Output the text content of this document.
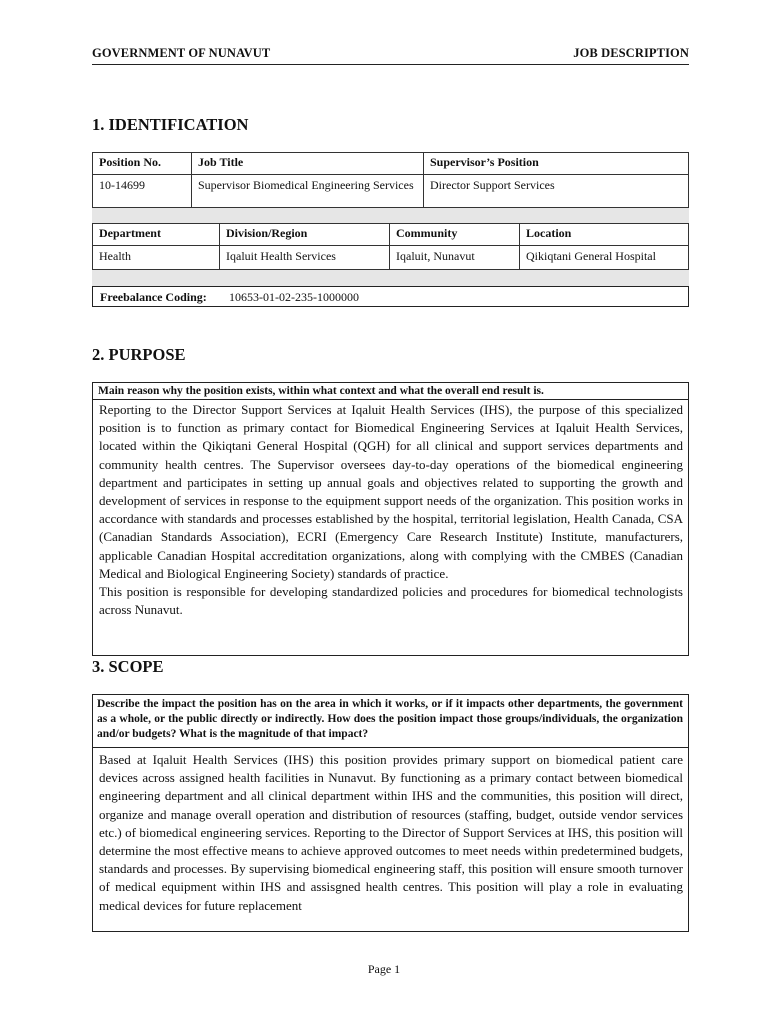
GOVERNMENT OF NUNAVUT	JOB DESCRIPTION
1. IDENTIFICATION
Position No.	Job Title	Supervisor’s Position
10-14699	Supervisor Biomedical Engineering Services	Director Support Services
Department	Division/Region	Community	Location
Health	Iqaluit Health Services	Iqaluit, Nunavut	Qikiqtani General Hospital
Freebalance Coding: 10653-01-02-235-1000000
2. PURPOSE
Main reason why the position exists, within what context and what the overall end result is.
Reporting to the Director Support Services at Iqaluit Health Services (IHS), the purpose of this specialized position is to function as primary contact for Biomedical Engineering Services at Iqaluit Health Services, located within the Qikiqtani General Hospital (QGH) for all clinical and support services departments and community health centres. The Supervisor oversees day-to-day operations of the biomedical engineering department and participates in setting up annual goals and objectives related to supporting the growth and development of services in response to the equipment support needs of the organization. This position works in accordance with standards and processes established by the hospital, territorial legislation, Health Canada, CSA (Canadian Standards Association), ECRI (Emergency Care Research Institute) Institute, manufacturers, applicable Canadian Hospital accreditation organizations, along with complying with the CMBES (Canadian Medical and Biological Engineering Society) standards of practice.
This position is responsible for developing standardized policies and procedures for biomedical technologists across Nunavut.
3. SCOPE
Describe the impact the position has on the area in which it works, or if it impacts other departments, the government as a whole, or the public directly or indirectly. How does the position impact those groups/individuals, the organization and/or budgets? What is the magnitude of that impact?
Based at Iqaluit Health Services (IHS) this position provides primary support on biomedical patient care devices across assigned health facilities in Nunavut. By functioning as a primary contact between biomedical engineering department and all clinical department within IHS and the communities, this position will direct, organize and manage overall operation and distribution of resources (staffing, budget, outside vendor services etc.) of biomedical engineering services. Reporting to the Director of Support Services at IHS, this position will determine the most effective means to achieve approved outcomes to meet needs within predetermined budgets, standards and processes. By supervising biomedical engineering staff, this position will ensure smooth turnover of medical equipment within IHS and assisgned health centres. This position will play a role in evaluating medical devices for future replacement
Page 1
